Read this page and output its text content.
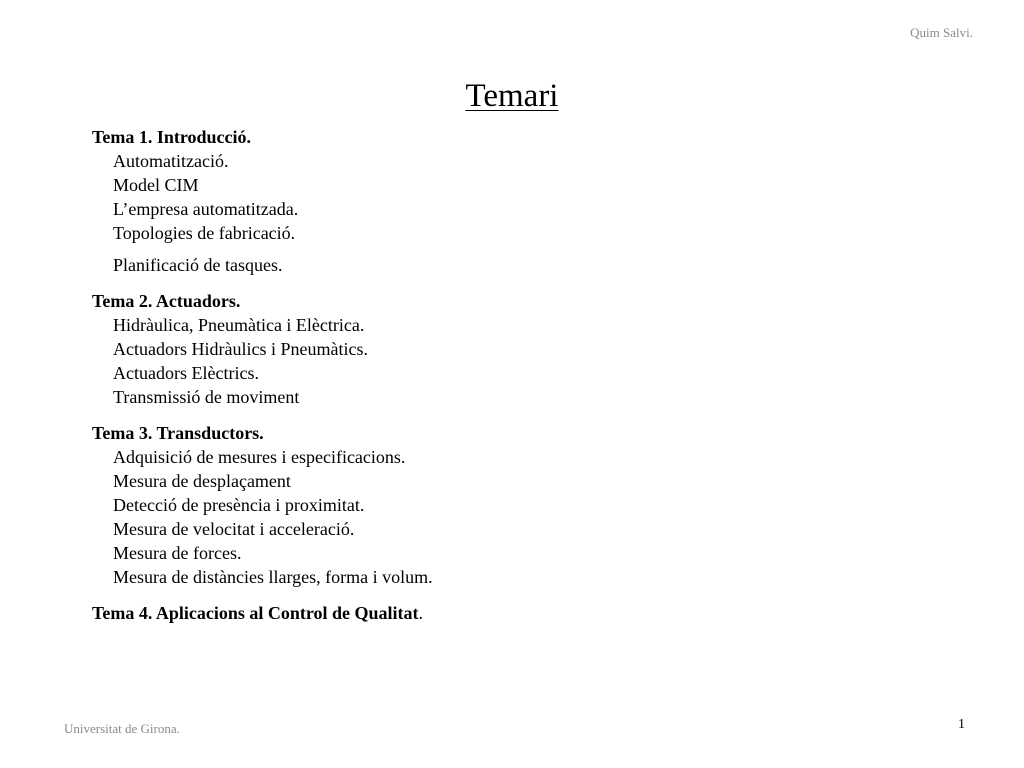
Quim Salvi.
Temari
Tema 1. Introducció.
Automatització.
Model CIM
L’empresa automatitzada.
Topologies de fabricació.
Planificació de tasques.
Tema 2. Actuadors.
Hidràulica, Pneumàtica i Elèctrica.
Actuadors Hidràulics i Pneumàtics.
Actuadors Elèctrics.
Transmissió de moviment
Tema 3. Transductors.
Adquisició de mesures i especificacions.
Mesura de desplaçament
Detecció de presència i proximitat.
Mesura de velocitat i acceleració.
Mesura de forces.
Mesura de distàncies llarges, forma i volum.
Tema 4. Aplicacions al Control de Qualitat.
Universitat de Girona.	1
